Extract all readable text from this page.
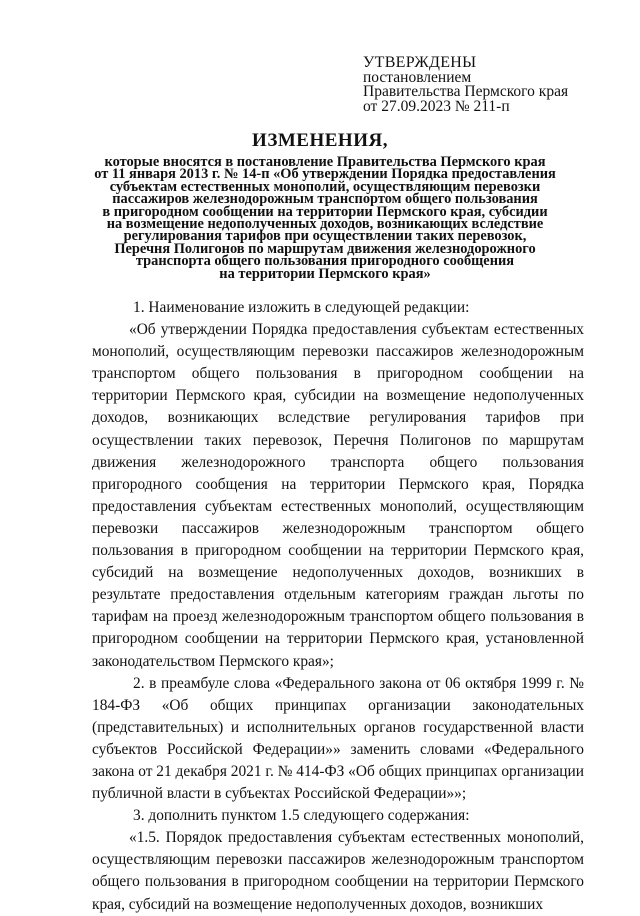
УТВЕРЖДЕНЫ
постановлением
Правительства Пермского края
от 27.09.2023 № 211-п
ИЗМЕНЕНИЯ,
которые вносятся в постановление Правительства Пермского края
от 11 января 2013 г. № 14-п «Об утверждении Порядка предоставления
субъектам естественных монополий, осуществляющим перевозки
пассажиров железнодорожным транспортом общего пользования
в пригородном сообщении на территории Пермского края, субсидии
на возмещение недополученных доходов, возникающих вследствие
регулирования тарифов при осуществлении таких перевозок,
Перечня Полигонов по маршрутам движения железнодорожного
транспорта общего пользования пригородного сообщения
на территории Пермского края»

1. Наименование изложить в следующей редакции:

«Об утверждении Порядка предоставления субъектам естественных монополий, осуществляющим перевозки пассажиров железнодорожным транспортом общего пользования в пригородном сообщении на территории Пермского края, субсидии на возмещение недополученных доходов, возникающих вследствие регулирования тарифов при осуществлении таких перевозок, Перечня Полигонов по маршрутам движения железнодорожного транспорта общего пользования пригородного сообщения на территории Пермского края, Порядка предоставления субъектам естественных монополий, осуществляющим перевозки пассажиров железнодорожным транспортом общего пользования в пригородном сообщении на территории Пермского края, субсидий на возмещение недополученных доходов, возникших в результате предоставления отдельным категориям граждан льготы по тарифам на проезд железнодорожным транспортом общего пользования в пригородном сообщении на территории Пермского края, установленной законодательством Пермского края»;

2. в преамбуле слова «Федерального закона от 06 октября 1999 г. № 184-ФЗ «Об общих принципах организации законодательных (представительных) и исполнительных органов государственной власти субъектов Российской Федерации»» заменить словами «Федерального закона от 21 декабря 2021 г. № 414-ФЗ «Об общих принципах организации публичной власти в субъектах Российской Федерации»»;

3. дополнить пунктом 1.5 следующего содержания:

«1.5. Порядок предоставления субъектам естественных монополий, осуществляющим перевозки пассажиров железнодорожным транспортом общего пользования в пригородном сообщении на территории Пермского края, субсидий на возмещение недополученных доходов, возникших
